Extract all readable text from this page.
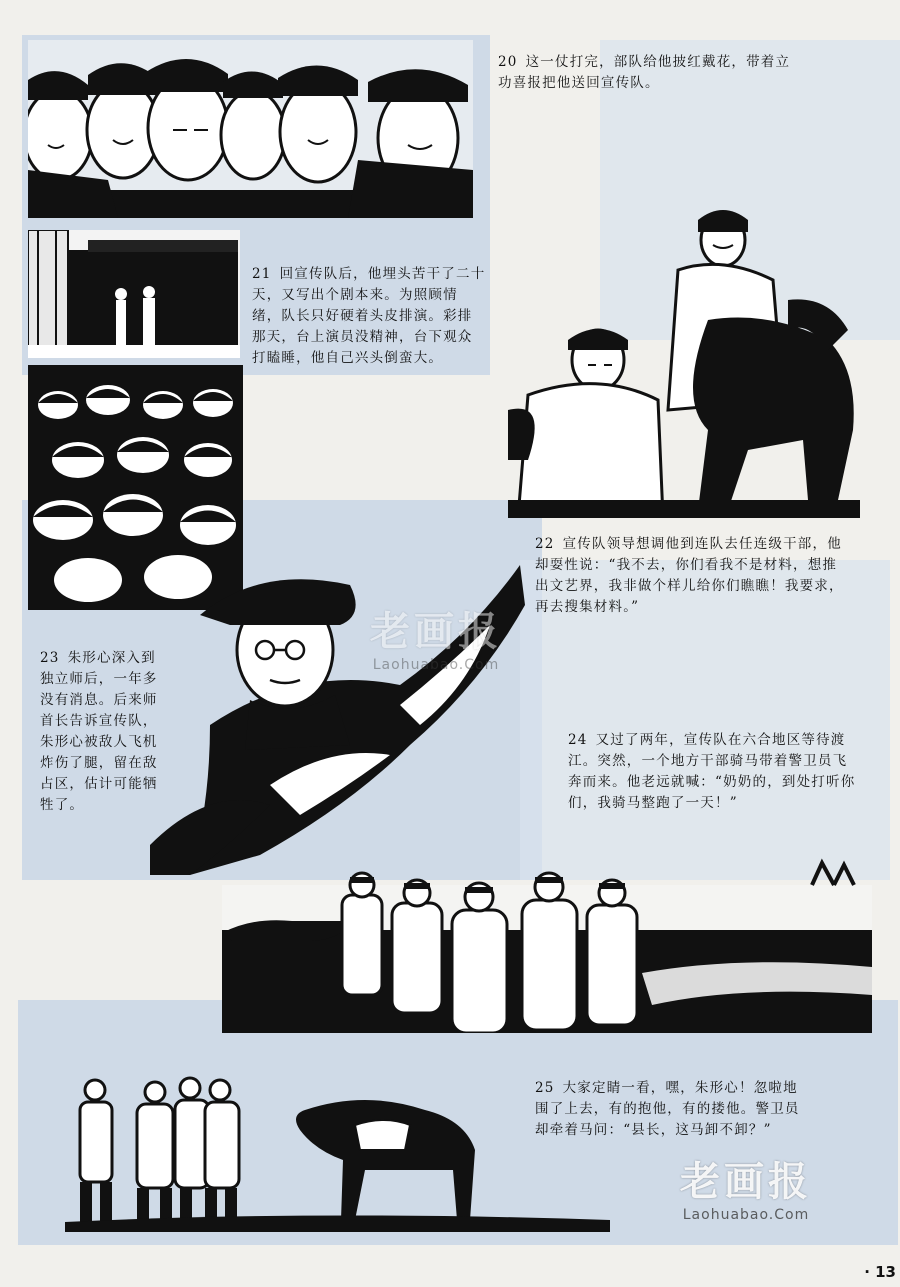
20 这一仗打完，部队给他披红戴花，带着立功喜报把他送回宣传队。
21 回宣传队后，他埋头苦干了二十天，又写出个剧本来。为照顾情绪，队长只好硬着头皮排演。彩排那天，台上演员没精神，台下观众打瞌睡，他自己兴头倒蛮大。
22 宣传队领导想调他到连队去任连级干部，他却耍性说：“我不去，你们看我不是材料，想推出文艺界，我非做个样儿给你们瞧瞧！我要求，再去搜集材料。”
23 朱形心深入到独立师后，一年多没有消息。后来师首长告诉宣传队，朱形心被敌人飞机炸伤了腿，留在敌占区，估计可能牺牲了。
24 又过了两年，宣传队在六合地区等待渡江。突然，一个地方干部骑马带着警卫员飞奔而来。他老远就喊：“奶奶的，到处打听你们，我骑马整跑了一天！”
25 大家定睛一看，嘿，朱形心！忽啦地围了上去，有的抱他，有的搂他。警卫员却牵着马问：“县长，这马卸不卸？”
老画报
Laohuabao.Com
老画报
Laohuabao.Com
· 13
